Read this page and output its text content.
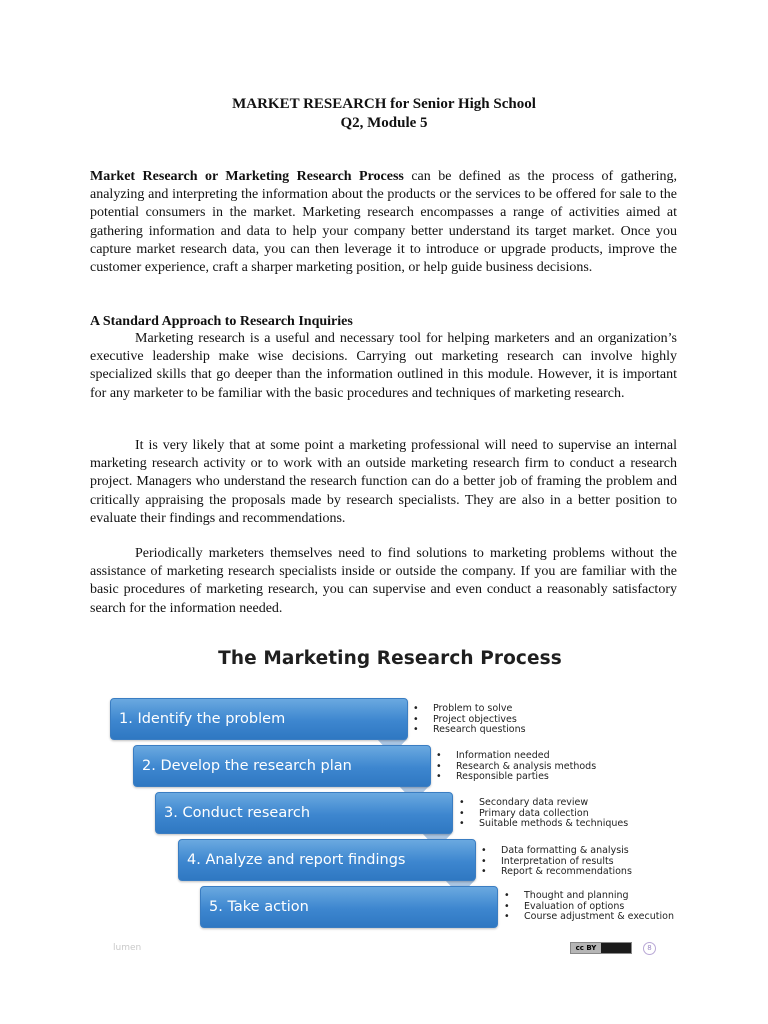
MARKET RESEARCH for Senior High School
Q2, Module 5

Market Research or Marketing Research Process can be defined as the process of gathering, analyzing and interpreting the information about the products or the services to be offered for sale to the potential consumers in the market. Marketing research encompasses a range of activities aimed at gathering information and data to help your company better understand its target market. Once you capture market research data, you can then leverage it to introduce or upgrade products, improve the customer experience, craft a sharper marketing position, or help guide business decisions.

A Standard Approach to Research Inquiries

Marketing research is a useful and necessary tool for helping marketers and an organization’s executive leadership make wise decisions. Carrying out marketing research can involve highly specialized skills that go deeper than the information outlined in this module. However, it is important for any marketer to be familiar with the basic procedures and techniques of marketing research.

It is very likely that at some point a marketing professional will need to supervise an internal marketing research activity or to work with an outside marketing research firm to conduct a research project. Managers who understand the research function can do a better job of framing the problem and critically appraising the proposals made by research specialists. They are also in a better position to evaluate their findings and recommendations.

Periodically marketers themselves need to find solutions to marketing problems without the assistance of marketing research specialists inside or outside the company. If you are familiar with the basic procedures of marketing research, you can supervise and even conduct a reasonably satisfactory search for the information needed.

The Marketing Research Process
1. Identify the problem
2. Develop the research plan
3. Conduct research
4. Analyze and report findings
5. Take action
• Problem to solve
• Project objectives
• Research questions
• Information needed
• Research & analysis methods
• Responsible parties
• Secondary data review
• Primary data collection
• Suitable methods & techniques
• Data formatting & analysis
• Interpretation of results
• Report & recommendations
• Thought and planning
• Evaluation of options
• Course adjustment & execution
lumen	cc BY	8
